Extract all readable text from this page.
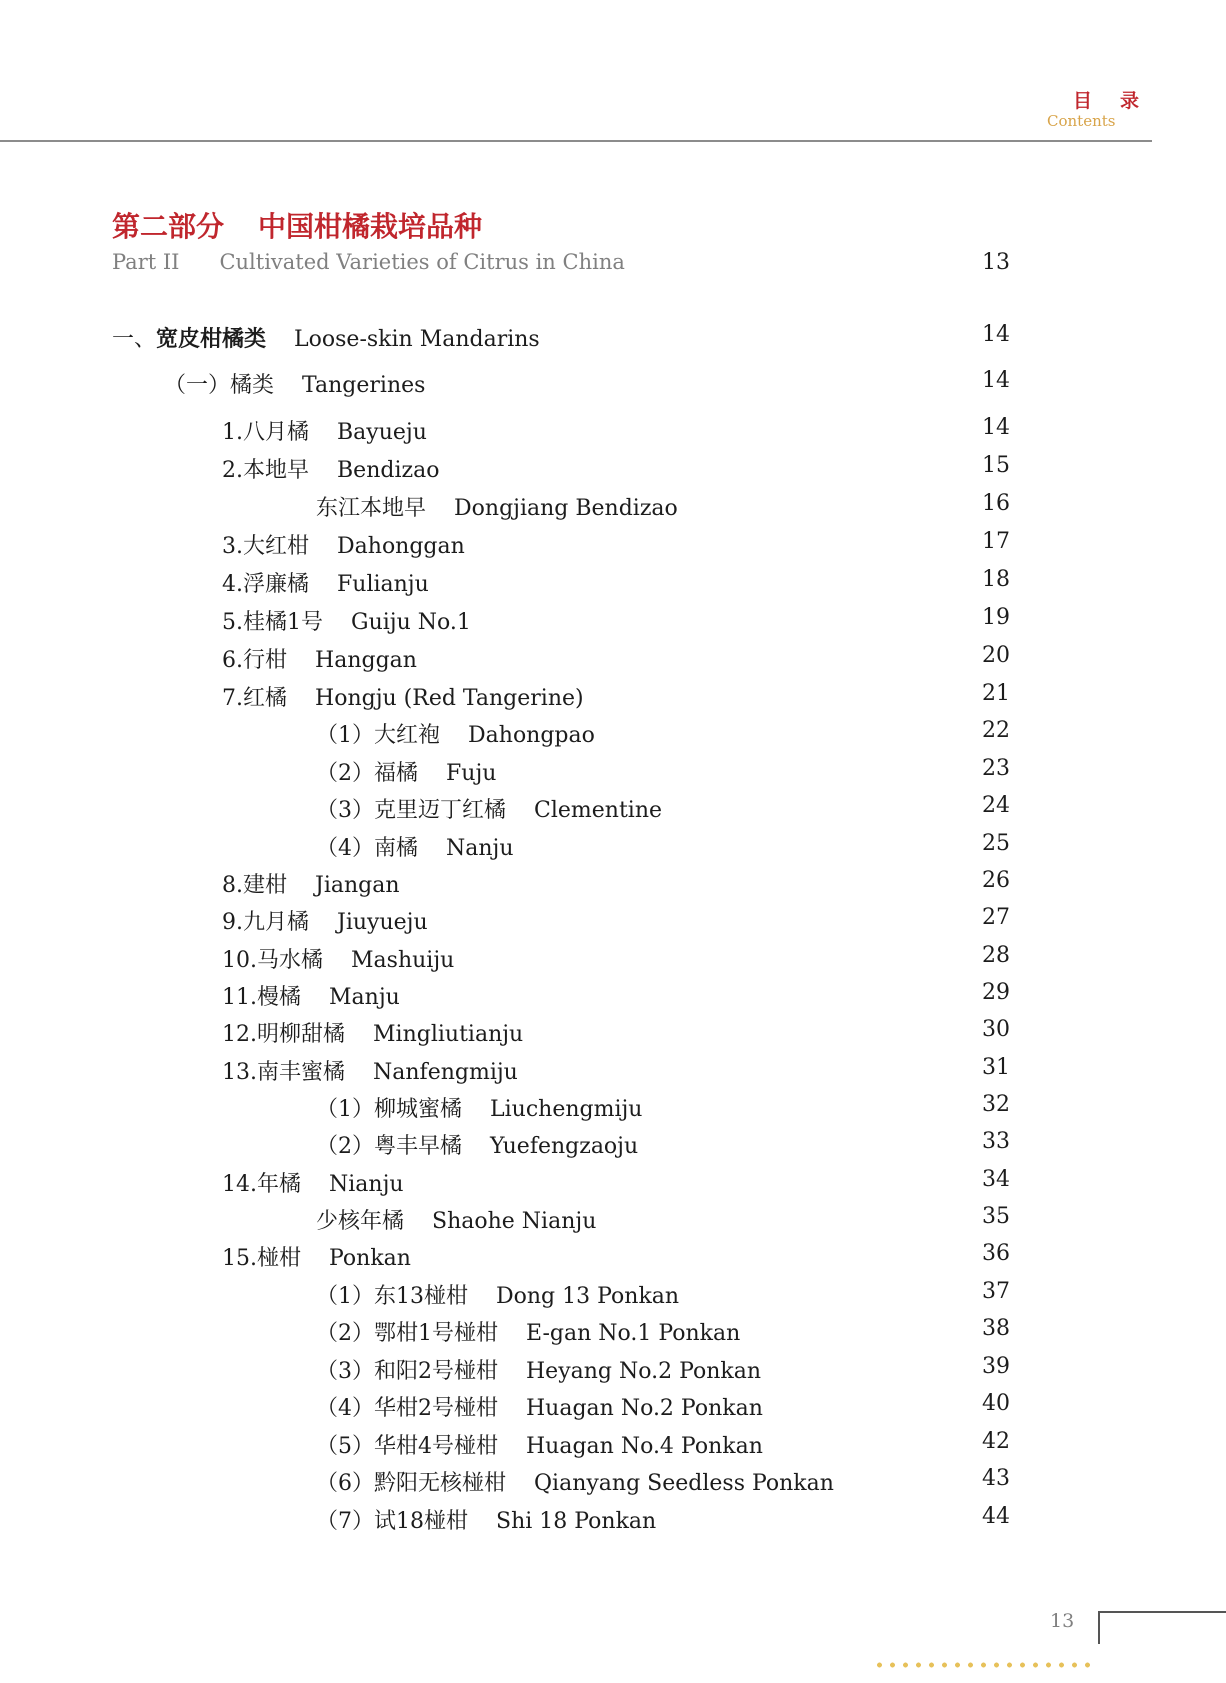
目录
Contents
第二部分 中国柑橘栽培品种
Part II Cultivated Varieties of Citrus in China	13
一、宽皮柑橘类 Loose-skin Mandarins	14
（一）橘类 Tangerines	14
1.八月橘 Bayueju	14
2.本地早 Bendizao	15
东江本地早 Dongjiang Bendizao	16
3.大红柑 Dahonggan	17
4.浮廉橘 Fulianju	18
5.桂橘1号 Guiju No.1	19
6.行柑 Hanggan	20
7.红橘 Hongju (Red Tangerine)	21
（1）大红袍 Dahongpao	22
（2）福橘 Fuju	23
（3）克里迈丁红橘 Clementine	24
（4）南橘 Nanju	25
8.建柑 Jiangan	26
9.九月橘 Jiuyueju	27
10.马水橘 Mashuiju	28
11.槾橘 Manju	29
12.明柳甜橘 Mingliutianju	30
13.南丰蜜橘 Nanfengmiju	31
（1）柳城蜜橘 Liuchengmiju	32
（2）粤丰早橘 Yuefengzaoju	33
14.年橘 Nianju	34
少核年橘 Shaohe Nianju	35
15.椪柑 Ponkan	36
（1）东13椪柑 Dong 13 Ponkan	37
（2）鄂柑1号椪柑 E-gan No.1 Ponkan	38
（3）和阳2号椪柑 Heyang No.2 Ponkan	39
（4）华柑2号椪柑 Huagan No.2 Ponkan	40
（5）华柑4号椪柑 Huagan No.4 Ponkan	42
（6）黔阳无核椪柑 Qianyang Seedless Ponkan	43
（7）试18椪柑 Shi 18 Ponkan	44
13
